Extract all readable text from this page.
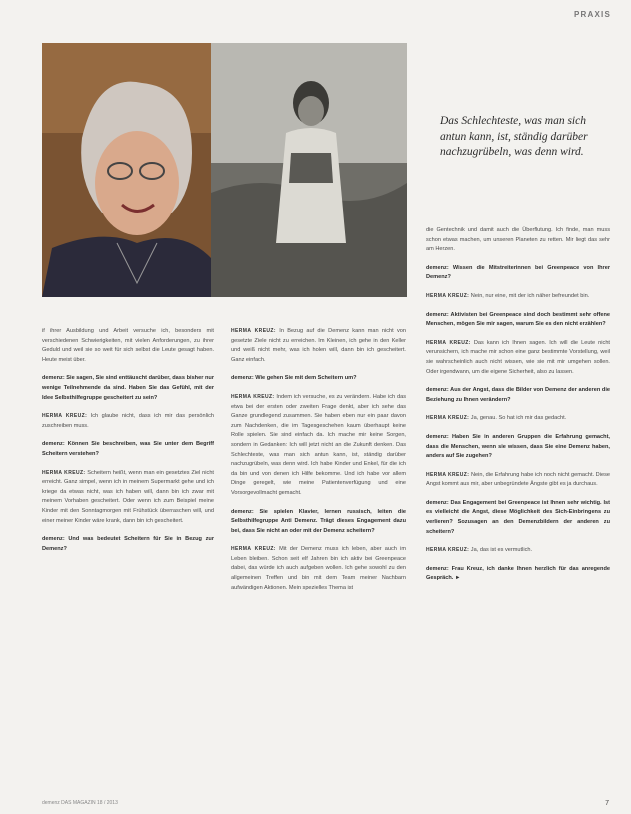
PRAXIS
Das Schlechteste, was man sich antun kann, ist, ständig darüber nachzugrübeln, was denn wird.

if ihrer Ausbildung und Arbeit versuche ich, besonders mit verschiedenen Schwierigkeiten, mit vielen Anforderungen, zu ihrer Geduld und weil sie so weit für sich selbst die Leute gesagt haben. Heute meist über.

demenz: Sie sagen, Sie sind enttäuscht darüber, dass bisher nur wenige Teilnehmende da sind. Haben Sie das Gefühl, mit der Idee Selbsthilfegruppe gescheitert zu sein?

HERMA KREUZ: Ich glaube nicht, dass ich mir das persönlich zuschreiben muss.

demenz: Können Sie beschreiben, was Sie unter dem Begriff Scheitern verstehen?

HERMA KREUZ: Scheitern heißt, wenn man ein gesetztes Ziel nicht erreicht. Ganz simpel, wenn ich in meinem Supermarkt gehe und ich kriege da etwas nicht, was ich haben will, dann bin ich zwar mit meinem Vorhaben gescheitert. Oder wenn ich zum Beispiel meine Kinder mit den Sonntagmorgen mit Frühstück überraschen will, und einer meiner Kinder wäre krank, dann bin ich gescheitert.

demenz: Und was bedeutet Scheitern für Sie in Bezug zur Demenz?

HERMA KREUZ: In Bezug auf die Demenz kann man nicht von gesetzte Ziele nicht zu erreichen. Im Kleinen, ich gehe in den Keller und weiß nicht mehr, was ich holen will, dann bin ich gescheitert. Ganz einfach.

demenz: Wie gehen Sie mit dem Scheitern um?

HERMA KREUZ: Indem ich versuche, es zu verändern. Habe ich das etwa bei der ersten oder zweiten Frage denkt, aber ich sehe das Ganze grundlegend zusammen. Sie haben eben nur ein paar davon zum Nachdenken, die im Tagesgeschehen kaum überhaupt keine Rolle spielen. Sie sind einfach da. Ich mache mir keine Sorgen, sondern in Gedanken: Ich will jetzt nicht an die Zukunft denken. Das Schlechteste, was man sich antun kann, ist, ständig darüber nachzugrübeln, was denn wird. Ich habe Kinder und Enkel, für die ich da bin und von denen ich Hilfe bekomme. Und ich habe vor allem Dinge geregelt, wie meine Patientenverfügung und eine Vorsorgevollmacht gemacht.

demenz: Sie spielen Klavier, lernen russisch, leiten die Selbsthilfegruppe Anti Demenz. Trägt dieses Engagement dazu bei, dass Sie nicht an oder mit der Demenz scheitern?

HERMA KREUZ: Mit der Demenz muss ich leben, aber auch im Leben bleiben. Schon seit elf Jahren bin ich aktiv bei Greenpeace dabei, das würde ich auch aufgeben wollen. Ich gehe sowohl zu den allgemeinen Treffen und bin mit dem Team meiner Nachbarn aufwändigen Aktionen. Mein spezielles Thema ist

die Gentechnik und damit auch die Überflutung. Ich finde, man muss schon etwas machen, um unseren Planeten zu retten. Mir liegt das sehr am Herzen.

demenz: Wissen die Mitstreiterinnen bei Greenpeace von Ihrer Demenz?

HERMA KREUZ: Nein, nur eine, mit der ich näher befreundet bin.

demenz: Aktivisten bei Greenpeace sind doch bestimmt sehr offene Menschen, mögen Sie mir sagen, warum Sie es den nicht erzählen?

HERMA KREUZ: Das kann ich Ihnen sagen. Ich will die Leute nicht verunsichern, ich mache mir schon eine ganz bestimmte Vorstellung, weil sie wahrscheinlich auch nicht wissen, wie sie mit mir umgehen sollen. Oder irgendwann, um die eigene Sicherheit, also zu lassen.

demenz: Aus der Angst, dass die Bilder von Demenz der anderen die Beziehung zu Ihnen verändern?

HERMA KREUZ: Ja, genau. So hat ich mir das gedacht.

demenz: Haben Sie in anderen Gruppen die Erfahrung gemacht, dass die Menschen, wenn sie wissen, dass Sie eine Demenz haben, anders auf Sie zugehen?

HERMA KREUZ: Nein, die Erfahrung habe ich noch nicht gemacht. Diese Angst kommt aus mir, aber unbegründete Ängste gibt es ja durchaus.

demenz: Das Engagement bei Greenpeace ist Ihnen sehr wichtig. Ist es vielleicht die Angst, diese Möglichkeit des Sich-Einbringens zu verlieren? Sozusagen an den Demenzbildern der anderen zu scheitern?

HERMA KREUZ: Ja, das ist es vermutlich.

demenz: Frau Kreuz, ich danke Ihnen herzlich für das anregende Gespräch. ►

demenz DAS MAGAZIN 18 / 2013	7
